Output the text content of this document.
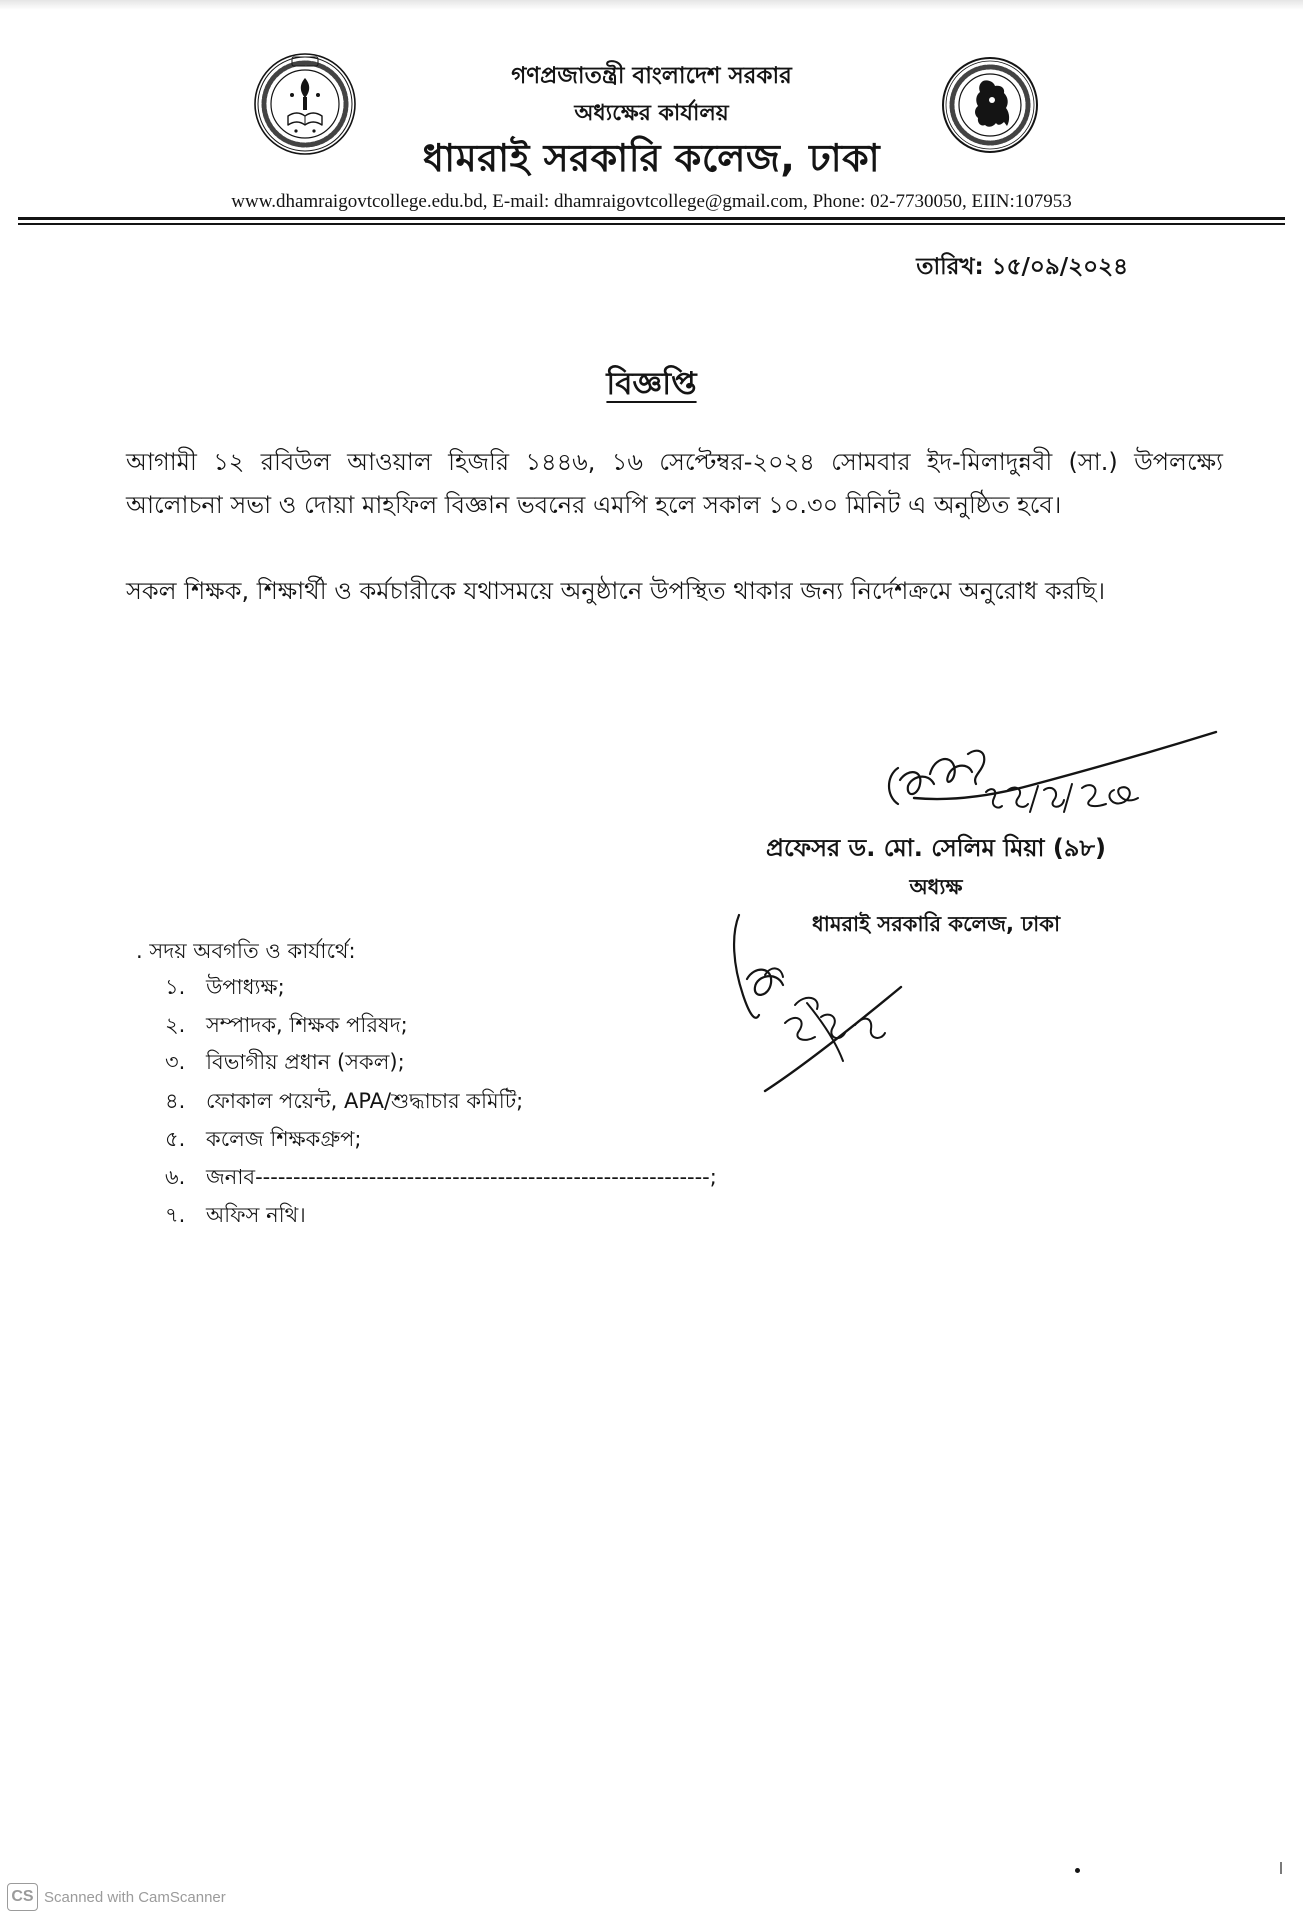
গণপ্রজাতন্ত্রী বাংলাদেশ সরকার
অধ্যক্ষের কার্যালয়
ধামরাই সরকারি কলেজ, ঢাকা
www.dhamraigovtcollege.edu.bd, E-mail: dhamraigovtcollege@gmail.com, Phone: 02-7730050, EIIN:107953
তারিখ: ১৫/০৯/২০২৪
বিজ্ঞপ্তি
আগামী ১২ রবিউল আওয়াল হিজরি ১৪৪৬, ১৬ সেপ্টেম্বর-২০২৪ সোমবার ইদ-মিলাদুন্নবী (সা.) উপলক্ষ্যে আলোচনা সভা ও দোয়া মাহফিল বিজ্ঞান ভবনের এমপি হলে সকাল ১০.৩০ মিনিট এ অনুষ্ঠিত হবে।
সকল শিক্ষক, শিক্ষার্থী ও কর্মচারীকে যথাসময়ে অনুষ্ঠানে উপস্থিত থাকার জন্য নির্দেশক্রমে অনুরোধ করছি।
প্রফেসর ড. মো. সেলিম মিয়া (৯৮)
অধ্যক্ষ
ধামরাই সরকারি কলেজ, ঢাকা
. সদয় অবগতি ও কার্যার্থে:
১. উপাধ্যক্ষ;
২. সম্পাদক, শিক্ষক পরিষদ;
৩. বিভাগীয় প্রধান (সকল);
৪. ফোকাল পয়েন্ট, APA/শুদ্ধাচার কমিটি;
৫. কলেজ শিক্ষকগ্রুপ;
৬. জনাব------------------------------------------------------------;
৭. অফিস নথি।
CS Scanned with CamScanner
